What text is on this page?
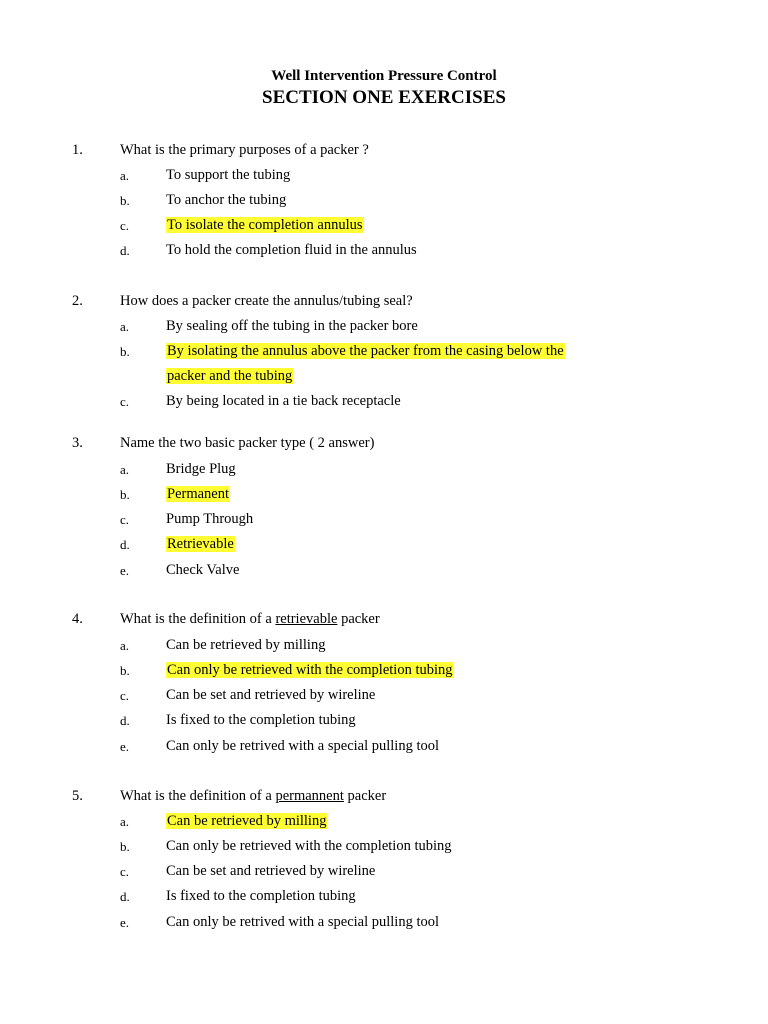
Well Intervention Pressure Control
SECTION ONE EXERCISES
1.	What is the primary purposes of a packer ?
a.	To support the tubing
b.	To anchor the tubing
c.	To isolate the completion annulus
d.	To hold the completion fluid in the annulus
2.	How does a packer create the annulus/tubing seal?
a.	By sealing off the tubing in the packer bore
b.	By isolating the annulus above the packer from the casing below the
packer and the tubing
c.	By being located in a tie back receptacle
3.	Name the two basic packer type ( 2 answer)
a.	Bridge Plug
b.	Permanent
c.	Pump Through
d.	Retrievable
e.	Check Valve
4.	What is the definition of a retrievable packer
a.	Can be retrieved by milling
b.	Can only be retrieved with the completion tubing
c.	Can be set and retrieved by wireline
d.	Is fixed to the completion tubing
e.	Can only be retrived with a special pulling tool
5.	What is the definition of a permannent packer
a.	Can be retrieved by milling
b.	Can only be retrieved with the completion tubing
c.	Can be set and retrieved by wireline
d.	Is fixed to the completion tubing
e.	Can only be retrived with a special pulling tool
